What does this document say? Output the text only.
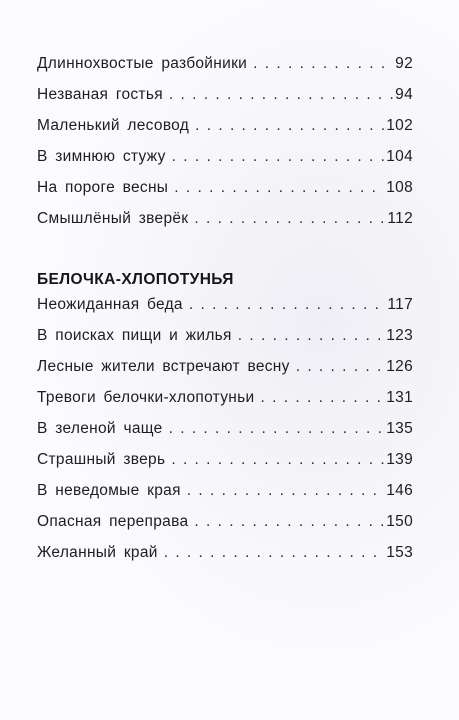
Длиннохвостые разбойники . . .	92
Незваная гостья . . .	94
Маленький лесовод . . .	102
В зимнюю стужу . . .	104
На пороге весны . . .	108
Смышлёный зверёк . . .	112
БЕЛОЧКА-ХЛОПОТУНЬЯ
Неожиданная беда . . .	117
В поисках пищи и жилья . . .	123
Лесные жители встречают весну . . .	126
Тревоги белочки-хлопотуньи . . .	131
В зеленой чаще . . .	135
Страшный зверь . . .	139
В неведомые края . . .	146
Опасная переправа . . .	150
Желанный край . . .	153
